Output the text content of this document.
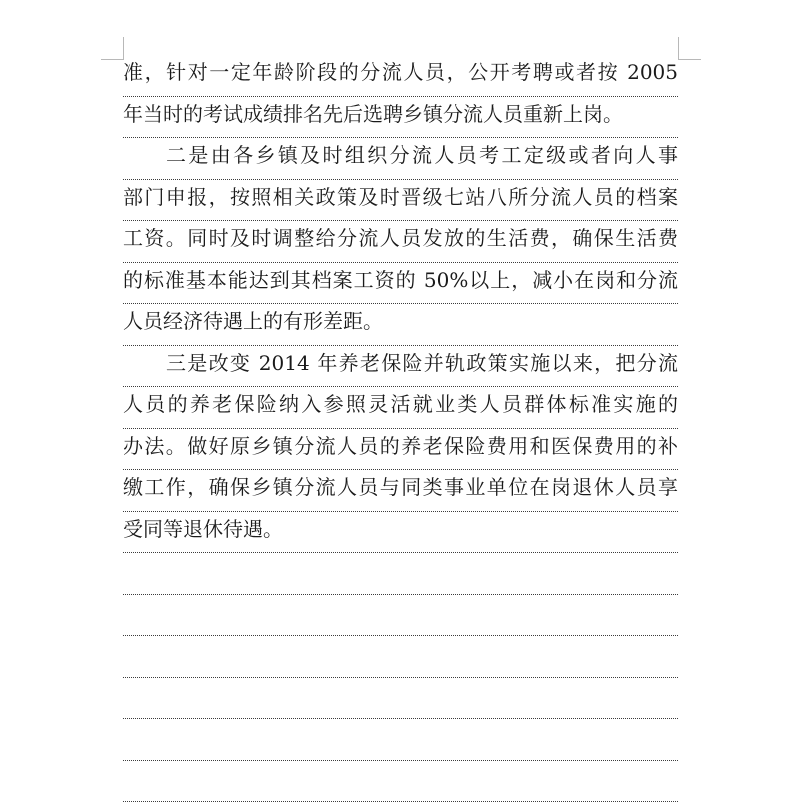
准，针对一定年龄阶段的分流人员，公开考聘或者按 2005
年当时的考试成绩排名先后选聘乡镇分流人员重新上岗。
二是由各乡镇及时组织分流人员考工定级或者向人事
部门申报，按照相关政策及时晋级七站八所分流人员的档案
工资。同时及时调整给分流人员发放的生活费，确保生活费
的标准基本能达到其档案工资的 50%以上，减小在岗和分流
人员经济待遇上的有形差距。
三是改变 2014 年养老保险并轨政策实施以来，把分流
人员的养老保险纳入参照灵活就业类人员群体标准实施的
办法。做好原乡镇分流人员的养老保险费用和医保费用的补
缴工作，确保乡镇分流人员与同类事业单位在岗退休人员享
受同等退休待遇。
